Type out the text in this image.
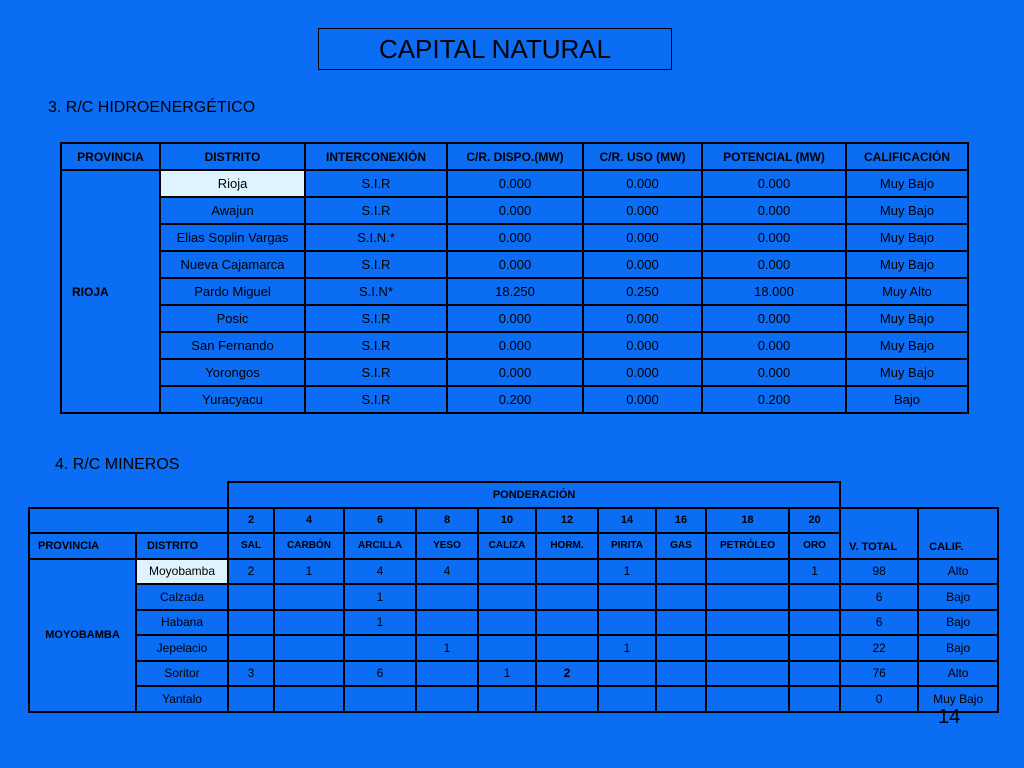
CAPITAL NATURAL
3. R/C HIDROENERGÉTICO
PROVINCIA	DISTRITO	INTERCONEXIÓN	C/R. DISPO.(MW)	C/R. USO (MW)	POTENCIAL (MW)	CALIFICACIÓN
RIOJA	Rioja	S.I.R	0.000	0.000	0.000	Muy Bajo
	Awajun	S.I.R	0.000	0.000	0.000	Muy Bajo
	Elias Soplin Vargas	S.I.N.*	0.000	0.000	0.000	Muy Bajo
	Nueva Cajamarca	S.I.R	0.000	0.000	0.000	Muy Bajo
	Pardo Miguel	S.I.N*	18.250	0.250	18.000	Muy Alto
	Posic	S.I.R	0.000	0.000	0.000	Muy Bajo
	San Fernando	S.I.R	0.000	0.000	0.000	Muy Bajo
	Yorongos	S.I.R	0.000	0.000	0.000	Muy Bajo
	Yuracyacu	S.I.R	0.200	0.000	0.200	Bajo
4. R/C MINEROS
		PONDERACIÓN											
		2	4	6	8	10	12	14	16	18	20	V. TOTAL	CALIF.
PROVINCIA	DISTRITO	SAL	CARBÓN	ARCILLA	YESO	CALIZA	HORM.	PIRITA	GAS	PETRÓLEO	ORO		
MOYOBAMBA	Moyobamba	2	1	4	4			1			1	98	Alto
	Calzada			1								6	Bajo
	Habana			1								6	Bajo
	Jepelacio				1			1				22	Bajo
	Soritor	3		6		1	2					76	Alto
	Yantalo											0	Muy Bajo
14
